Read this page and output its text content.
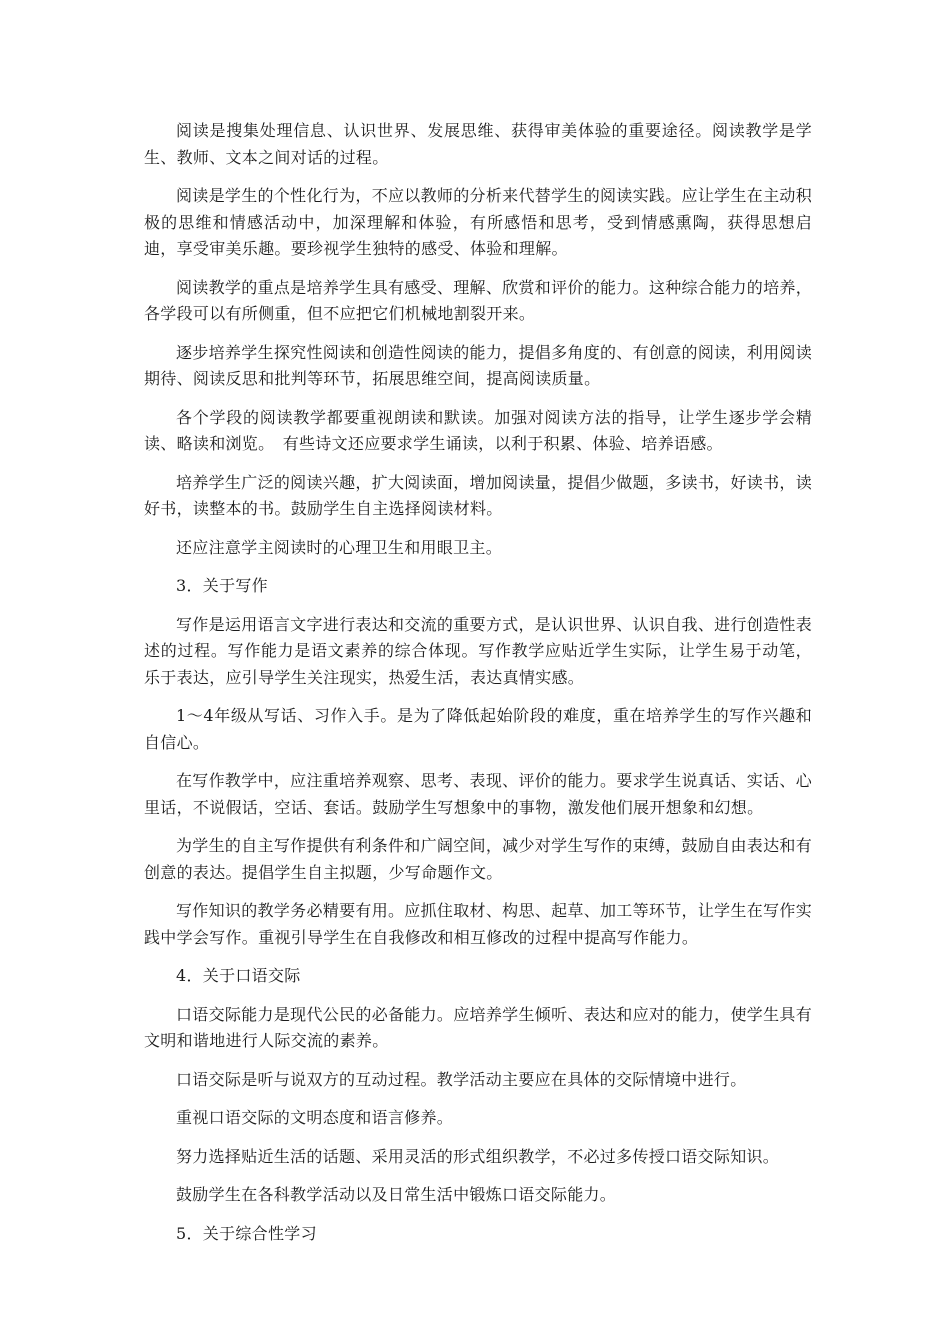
阅读是搜集处理信息、认识世界、发展思维、获得审美体验的重要途径。阅读教学是学生、教师、文本之间对话的过程。

阅读是学生的个性化行为，不应以教师的分析来代替学生的阅读实践。应让学生在主动积极的思维和情感活动中，加深理解和体验，有所感悟和思考，受到情感熏陶，获得思想启迪，享受审美乐趣。要珍视学生独特的感受、体验和理解。

阅读教学的重点是培养学生具有感受、理解、欣赏和评价的能力。这种综合能力的培养，各学段可以有所侧重，但不应把它们机械地割裂开来。

逐步培养学生探究性阅读和创造性阅读的能力，提倡多角度的、有创意的阅读，利用阅读期待、阅读反思和批判等环节，拓展思维空间，提高阅读质量。

各个学段的阅读教学都要重视朗读和默读。加强对阅读方法的指导，让学生逐步学会精读、略读和浏览。　有些诗文还应要求学生诵读，以利于积累、体验、培养语感。

培养学生广泛的阅读兴趣，扩大阅读面，增加阅读量，提倡少做题，多读书，好读书，读好书，读整本的书。鼓励学生自主选择阅读材料。

还应注意学主阅读时的心理卫生和用眼卫主。

3．关于写作

写作是运用语言文字进行表达和交流的重要方式，是认识世界、认识自我、进行创造性表述的过程。写作能力是语文素养的综合体现。写作教学应贴近学生实际，让学生易于动笔，乐于表达，应引导学生关注现实，热爱生活，表达真情实感。

1～4年级从写话、习作入手。是为了降低起始阶段的难度，重在培养学生的写作兴趣和自信心。

在写作教学中，应注重培养观察、思考、表现、评价的能力。要求学生说真话、实话、心里话，不说假话，空话、套话。鼓励学生写想象中的事物，激发他们展开想象和幻想。

为学生的自主写作提供有利条件和广阔空间，减少对学生写作的束缚，鼓励自由表达和有创意的表达。提倡学生自主拟题，少写命题作文。

写作知识的教学务必精要有用。应抓住取材、构思、起草、加工等环节，让学生在写作实践中学会写作。重视引导学生在自我修改和相互修改的过程中提高写作能力。

4．关于口语交际

口语交际能力是现代公民的必备能力。应培养学生倾听、表达和应对的能力，使学生具有文明和谐地进行人际交流的素养。

口语交际是听与说双方的互动过程。教学活动主要应在具体的交际情境中进行。

重视口语交际的文明态度和语言修养。

努力选择贴近生活的话题、采用灵活的形式组织教学，不必过多传授口语交际知识。

鼓励学生在各科教学活动以及日常生活中锻炼口语交际能力。

5．关于综合性学习
